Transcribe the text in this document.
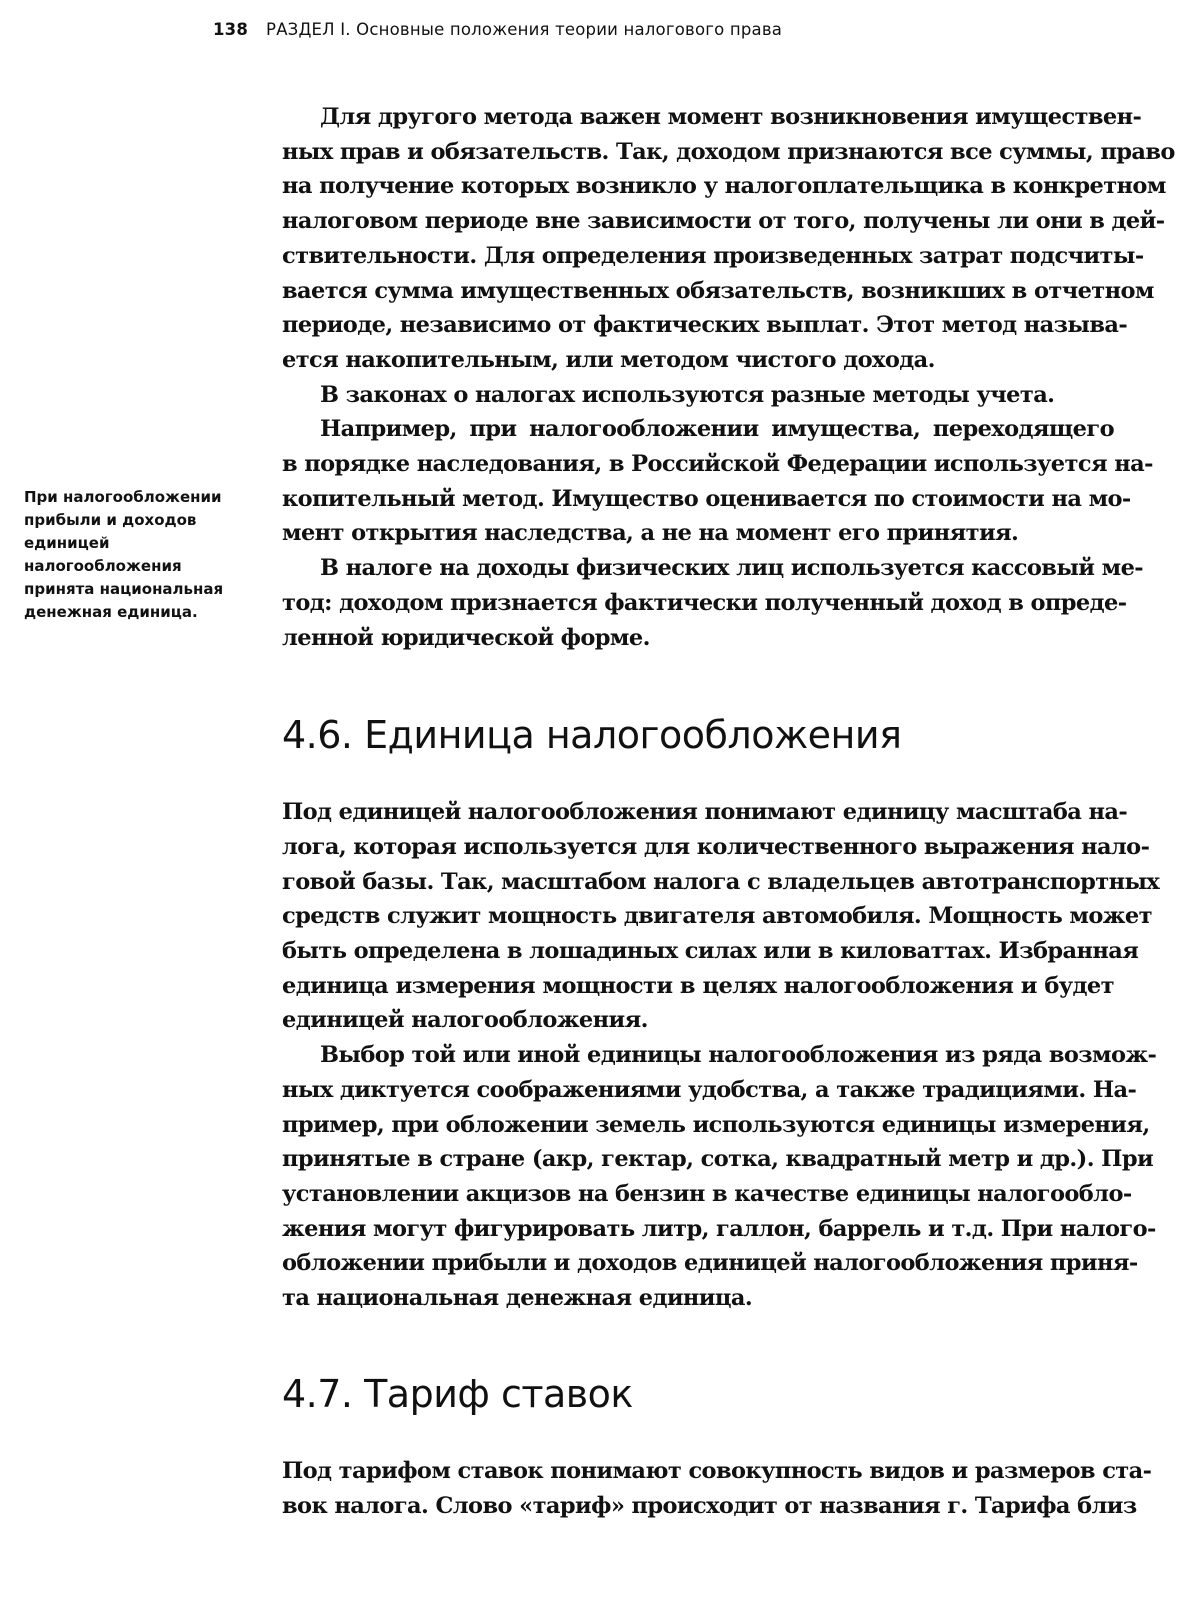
138 РАЗДЕЛ I. Основные положения теории налогового права
При налогообложении
прибыли и доходов
единицей
налогообложения
принята национальная
денежная единица.
Для другого метода важен момент возникновения имуществен-
ных прав и обязательств. Так, доходом признаются все суммы, право
на получение которых возникло у налогоплательщика в конкретном
налоговом периоде вне зависимости от того, получены ли они в дей-
ствительности. Для определения произведенных затрат подсчиты-
вается сумма имущественных обязательств, возникших в отчетном
периоде, независимо от фактических выплат. Этот метод называ-
ется накопительным, или методом чистого дохода.
В законах о налогах используются разные методы учета.
Например, при налогообложении имущества, переходящего
в порядке наследования, в Российской Федерации используется на-
копительный метод. Имущество оценивается по стоимости на мо-
мент открытия наследства, а не на момент его принятия.
В налоге на доходы физических лиц используется кассовый ме-
тод: доходом признается фактически полученный доход в опреде-
ленной юридической форме.
4.6. Единица налогообложения
Под единицей налогообложения понимают единицу масштаба на-
лога, которая используется для количественного выражения нало-
говой базы. Так, масштабом налога с владельцев автотранспортных
средств служит мощность двигателя автомобиля. Мощность может
быть определена в лошадиных силах или в киловаттах. Избранная
единица измерения мощности в целях налогообложения и будет
единицей налогообложения.
Выбор той или иной единицы налогообложения из ряда возмож-
ных диктуется соображениями удобства, а также традициями. На-
пример, при обложении земель используются единицы измерения,
принятые в стране (акр, гектар, сотка, квадратный метр и др.). При
установлении акцизов на бензин в качестве единицы налогообло-
жения могут фигурировать литр, галлон, баррель и т.д. При налого-
обложении прибыли и доходов единицей налогообложения приня-
та национальная денежная единица.
4.7. Тариф ставок
Под тарифом ставок понимают совокупность видов и размеров ста-
вок налога. Слово «тариф» происходит от названия г. Тарифа близ
